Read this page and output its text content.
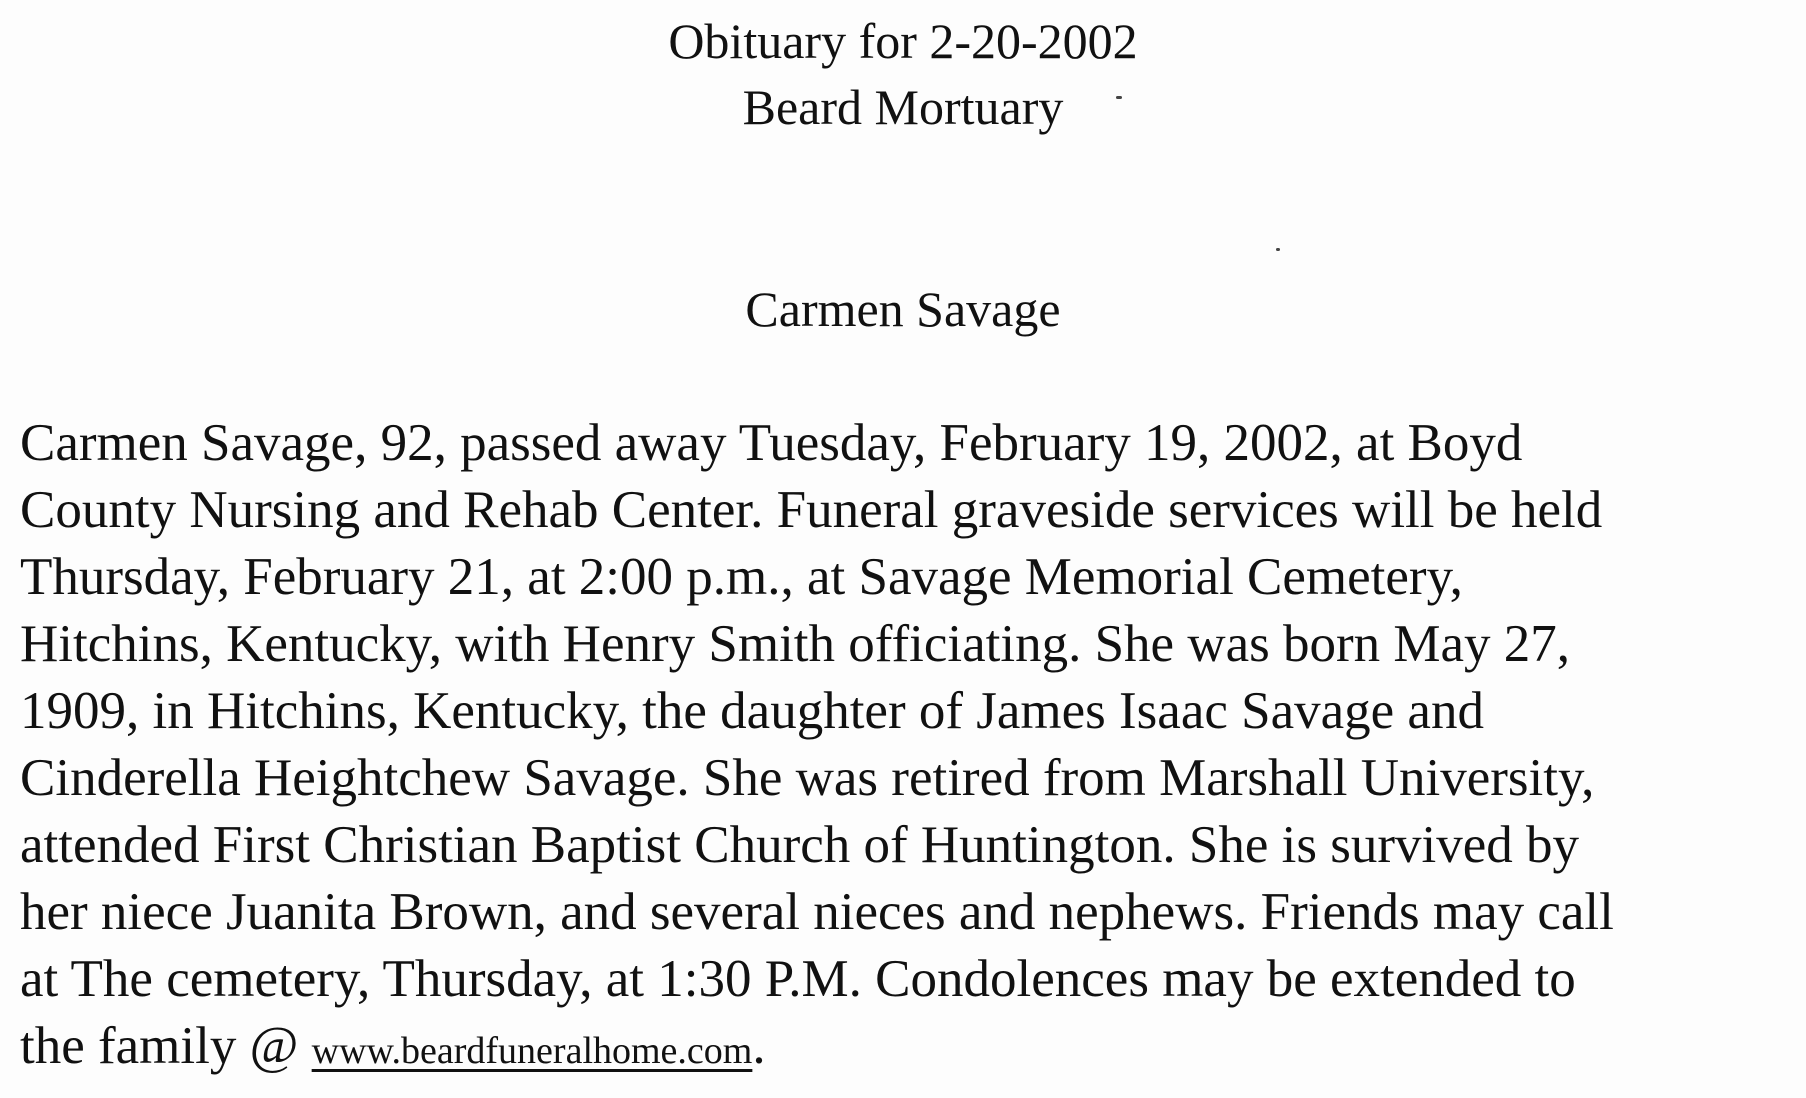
Obituary for 2-20-2002
Beard Mortuary
Carmen Savage
Carmen Savage, 92, passed away Tuesday, February 19, 2002, at Boyd
County Nursing and Rehab Center. Funeral graveside services will be held
Thursday, February 21, at 2:00 p.m., at Savage Memorial Cemetery,
Hitchins, Kentucky, with Henry Smith officiating. She was born May 27,
1909, in Hitchins, Kentucky, the daughter of James Isaac Savage and
Cinderella Heightchew Savage. She was retired from Marshall University,
attended First Christian Baptist Church of Huntington. She is survived by
her niece Juanita Brown, and several nieces and nephews. Friends may call
at The cemetery, Thursday, at 1:30 P.M. Condolences may be extended to
the family @ www.beardfuneralhome.com.
